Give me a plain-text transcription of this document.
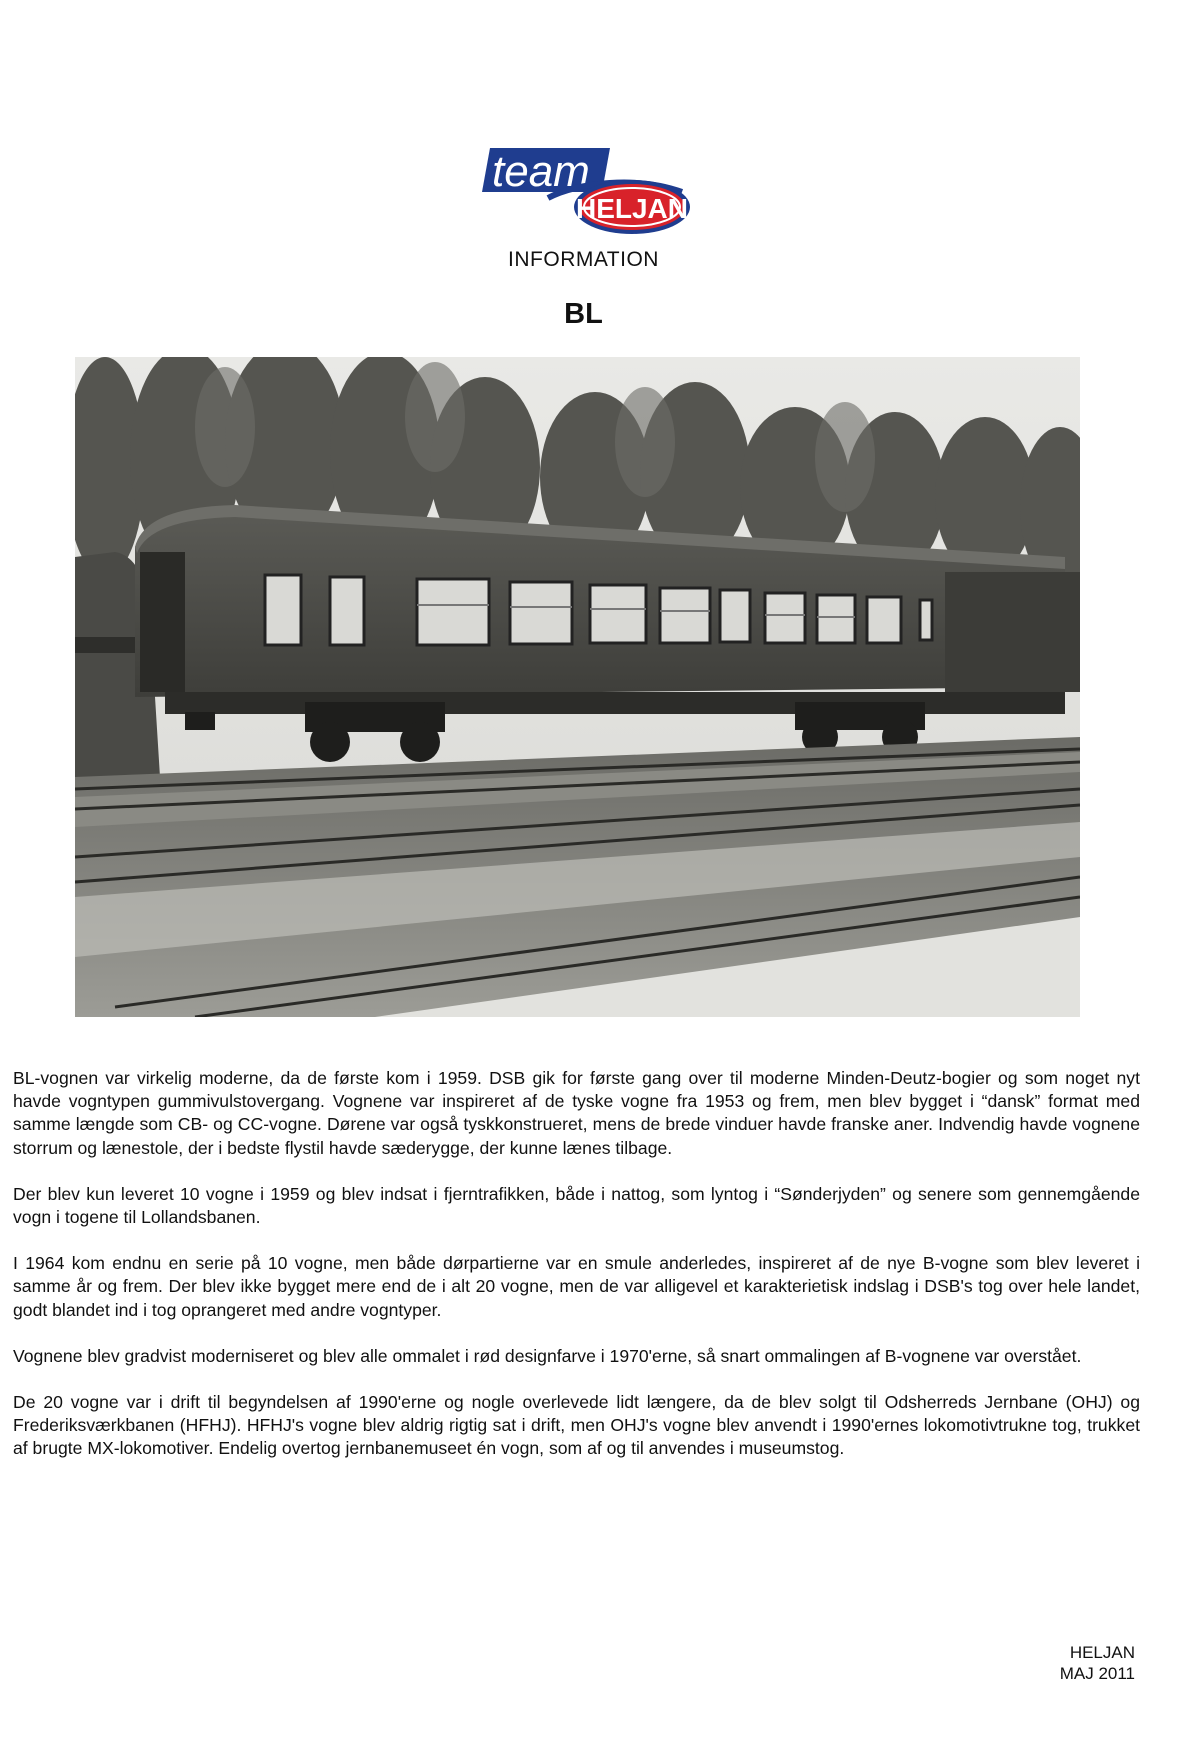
team
HELJAN
INFORMATION
BL

BL-vognen var virkelig moderne, da de første kom i 1959. DSB gik for første gang over til moderne Minden-Deutz-bogier og som noget nyt havde vogntypen gummivulstovergang. Vognene var inspireret af de tyske vogne fra 1953 og frem, men blev bygget i “dansk” format med samme længde som CB- og CC-vogne. Dørene var også tyskkonstrueret, mens de brede vinduer havde franske aner. Indvendig havde vognene storrum og lænestole, der i bedste flystil havde sæderygge, der kunne lænes tilbage.

Der blev kun leveret 10 vogne i 1959 og blev indsat i fjerntrafikken, både i nattog, som lyntog i “Sønderjyden” og senere som gennemgående vogn i togene til Lollandsbanen.

I 1964 kom endnu en serie på 10 vogne, men både dørpartierne var en smule anderledes, inspireret af de nye B-vogne som blev leveret i samme år og frem. Der blev ikke bygget mere end de i alt 20 vogne, men de var alligevel et karakterietisk indslag i DSB's tog over hele landet, godt blandet ind i tog oprangeret med andre vogntyper.

Vognene blev gradvist moderniseret og blev alle ommalet i rød designfarve i 1970'erne, så snart ommalingen af B-vognene var overstået.

De 20 vogne var i drift til begyndelsen af 1990'erne og nogle overlevede lidt længere, da de blev solgt til Odsherreds Jernbane (OHJ) og Frederiksværkbanen (HFHJ). HFHJ's vogne blev aldrig rigtig sat i drift, men OHJ's vogne blev anvendt i 1990'ernes lokomotivtrukne tog, trukket af brugte MX-lokomotiver. Endelig overtog jernbanemuseet én vogn, som af og til anvendes i museumstog.

HELJAN
MAJ 2011
